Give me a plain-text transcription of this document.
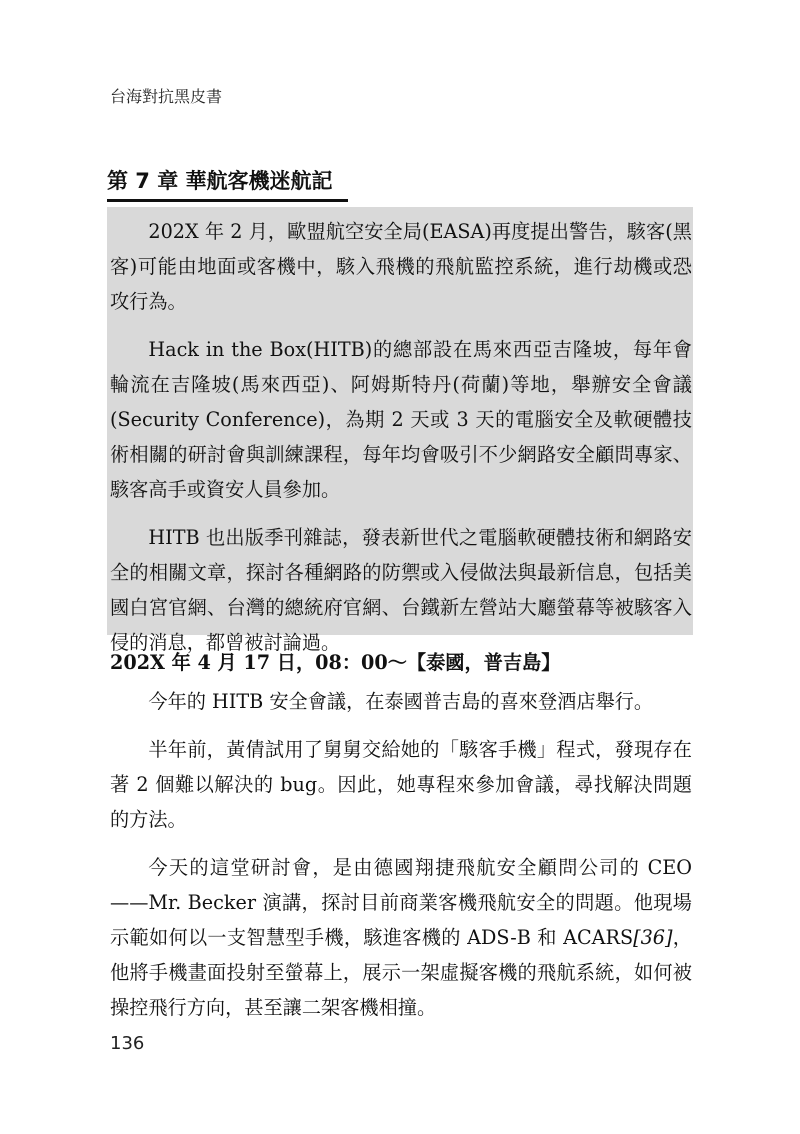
台海對抗黑皮書
第 7 章 華航客機迷航記

202X 年 2 月，歐盟航空安全局(EASA)再度提出警告，駭客(黑客)可能由地面或客機中，駭入飛機的飛航監控系統，進行劫機或恐攻行為。

Hack in the Box(HITB)的總部設在馬來西亞吉隆坡，每年會輪流在吉隆坡(馬來西亞)、阿姆斯特丹(荷蘭)等地，舉辦安全會議(Security Conference)，為期 2 天或 3 天的電腦安全及軟硬體技術相關的研討會與訓練課程，每年均會吸引不少網路安全顧問專家、駭客高手或資安人員參加。

HITB 也出版季刊雜誌，發表新世代之電腦軟硬體技術和網路安全的相關文章，探討各種網路的防禦或入侵做法與最新信息，包括美國白宮官網、台灣的總統府官網、台鐵新左營站大廳螢幕等被駭客入侵的消息，都曾被討論過。

202X 年 4 月 17 日，08：00～【泰國，普吉島】

今年的 HITB 安全會議，在泰國普吉島的喜來登酒店舉行。

半年前，黃倩試用了舅舅交給她的「駭客手機」程式，發現存在著 2 個難以解決的 bug。因此，她專程來參加會議，尋找解決問題的方法。

今天的這堂研討會，是由德國翔捷飛航安全顧問公司的 CEO——Mr. Becker 演講，探討目前商業客機飛航安全的問題。他現場示範如何以一支智慧型手機，駭進客機的 ADS-B 和 ACARS[36]，他將手機畫面投射至螢幕上，展示一架虛擬客機的飛航系統，如何被操控飛行方向，甚至讓二架客機相撞。

136
